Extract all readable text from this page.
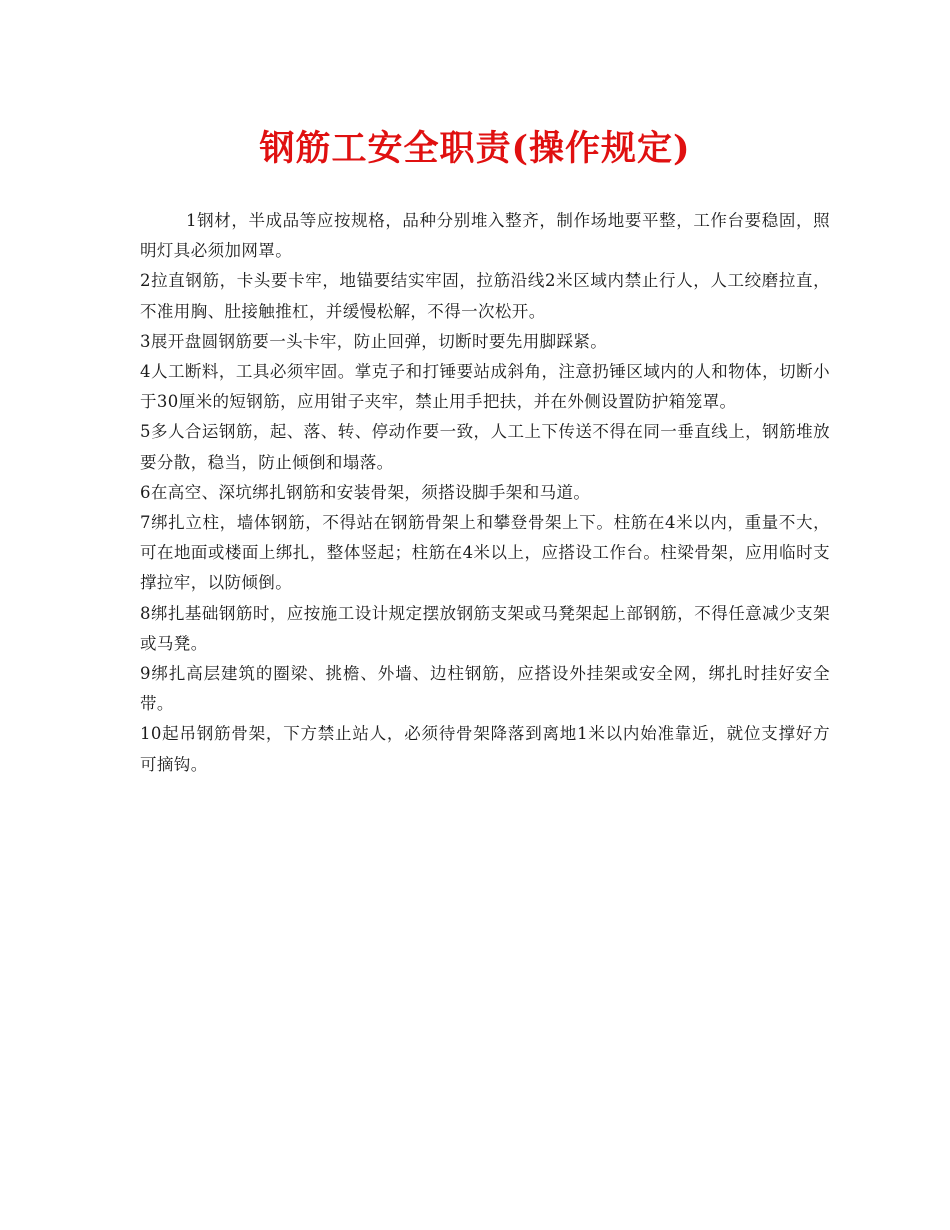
钢筋工安全职责(操作规定)

1钢材，半成品等应按规格，品种分别堆入整齐，制作场地要平整，工作台要稳固，照明灯具必须加网罩。

2拉直钢筋，卡头要卡牢，地锚要结实牢固，拉筋沿线2米区域内禁止行人，人工绞磨拉直，不准用胸、肚接触推杠，并缓慢松解，不得一次松开。

3展开盘圆钢筋要一头卡牢，防止回弹，切断时要先用脚踩紧。

4人工断料，工具必须牢固。掌克子和打锤要站成斜角，注意扔锤区域内的人和物体，切断小于30厘米的短钢筋，应用钳子夹牢，禁止用手把扶，并在外侧设置防护箱笼罩。

5多人合运钢筋，起、落、转、停动作要一致，人工上下传送不得在同一垂直线上，钢筋堆放要分散，稳当，防止倾倒和塌落。

6在高空、深坑绑扎钢筋和安装骨架，须搭设脚手架和马道。

7绑扎立柱，墙体钢筋，不得站在钢筋骨架上和攀登骨架上下。柱筋在4米以内，重量不大，可在地面或楼面上绑扎，整体竖起；柱筋在4米以上，应搭设工作台。柱梁骨架，应用临时支撑拉牢，以防倾倒。

8绑扎基础钢筋时，应按施工设计规定摆放钢筋支架或马凳架起上部钢筋，不得任意减少支架或马凳。

9绑扎高层建筑的圈梁、挑檐、外墙、边柱钢筋，应搭设外挂架或安全网，绑扎时挂好安全带。

10起吊钢筋骨架，下方禁止站人，必须待骨架降落到离地1米以内始准靠近，就位支撑好方可摘钩。
